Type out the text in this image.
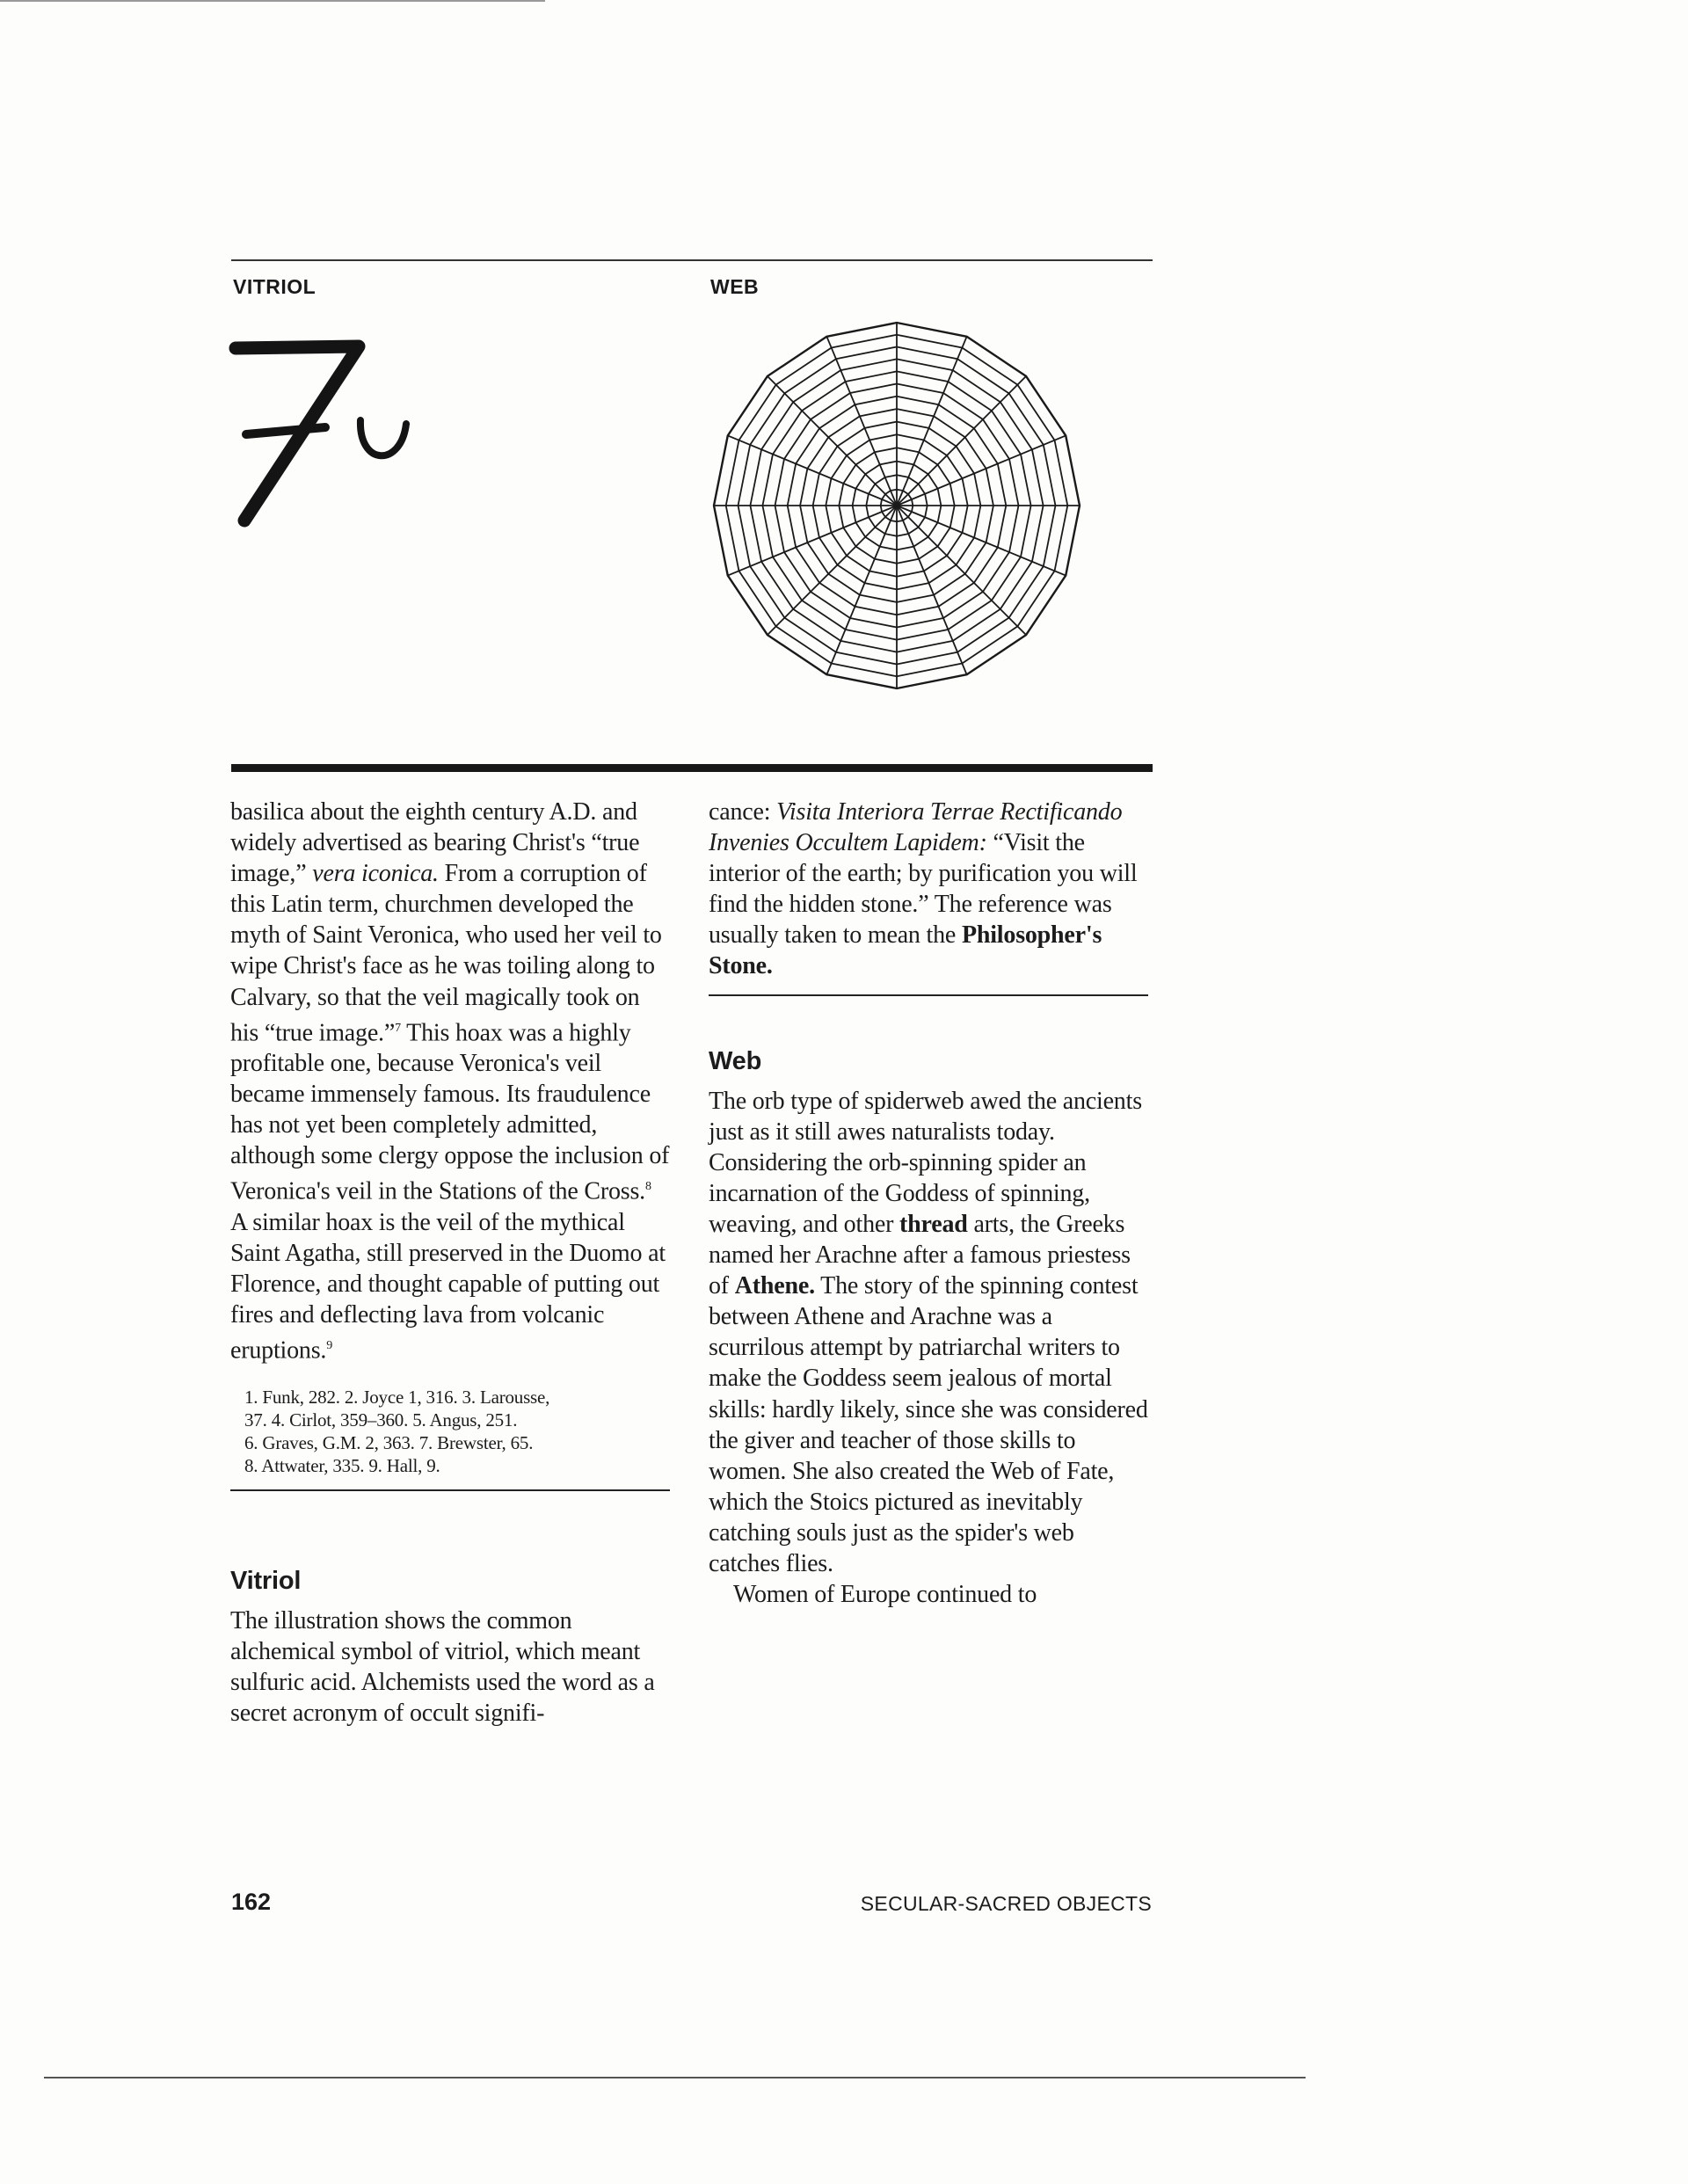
VITRIOL	WEB

basilica about the eighth century A.D. and widely advertised as bearing Christ's “true image,” vera iconica. From a corruption of this Latin term, churchmen developed the myth of Saint Veronica, who used her veil to wipe Christ's face as he was toiling along to Calvary, so that the veil magically took on his “true image.”$^7$ This hoax was a highly profitable one, because Veronica's veil became immensely famous. Its fraudulence has not yet been completely admitted, although some clergy oppose the inclusion of Veronica's veil in the Stations of the Cross.$^8$ A similar hoax is the veil of the mythical Saint Agatha, still preserved in the Duomo at Florence, and thought capable of putting out fires and deflecting lava from volcanic eruptions.$^9$

1. Funk, 282. 2. Joyce 1, 316. 3. Larousse,
37. 4. Cirlot, 359–360. 5. Angus, 251.
6. Graves, G.M. 2, 363. 7. Brewster, 65.
8. Attwater, 335. 9. Hall, 9.
Vitriol

The illustration shows the common alchemical symbol of vitriol, which meant sulfuric acid. Alchemists used the word as a secret acronym of occult signifi-

cance: Visita Interiora Terrae Rectificando Invenies Occultem Lapidem: “Visit the interior of the earth; by purification you will find the hidden stone.” The reference was usually taken to mean the Philosopher's Stone.

Web

The orb type of spiderweb awed the ancients just as it still awes naturalists today. Considering the orb-spinning spider an incarnation of the Goddess of spinning, weaving, and other thread arts, the Greeks named her Arachne after a famous priestess of Athene. The story of the spinning contest between Athene and Arachne was a scurrilous attempt by patriarchal writers to make the Goddess seem jealous of mortal skills: hardly likely, since she was considered the giver and teacher of those skills to women. She also created the Web of Fate, which the Stoics pictured as inevitably catching souls just as the spider's web catches flies.

Women of Europe continued to

162	SECULAR-SACRED OBJECTS
